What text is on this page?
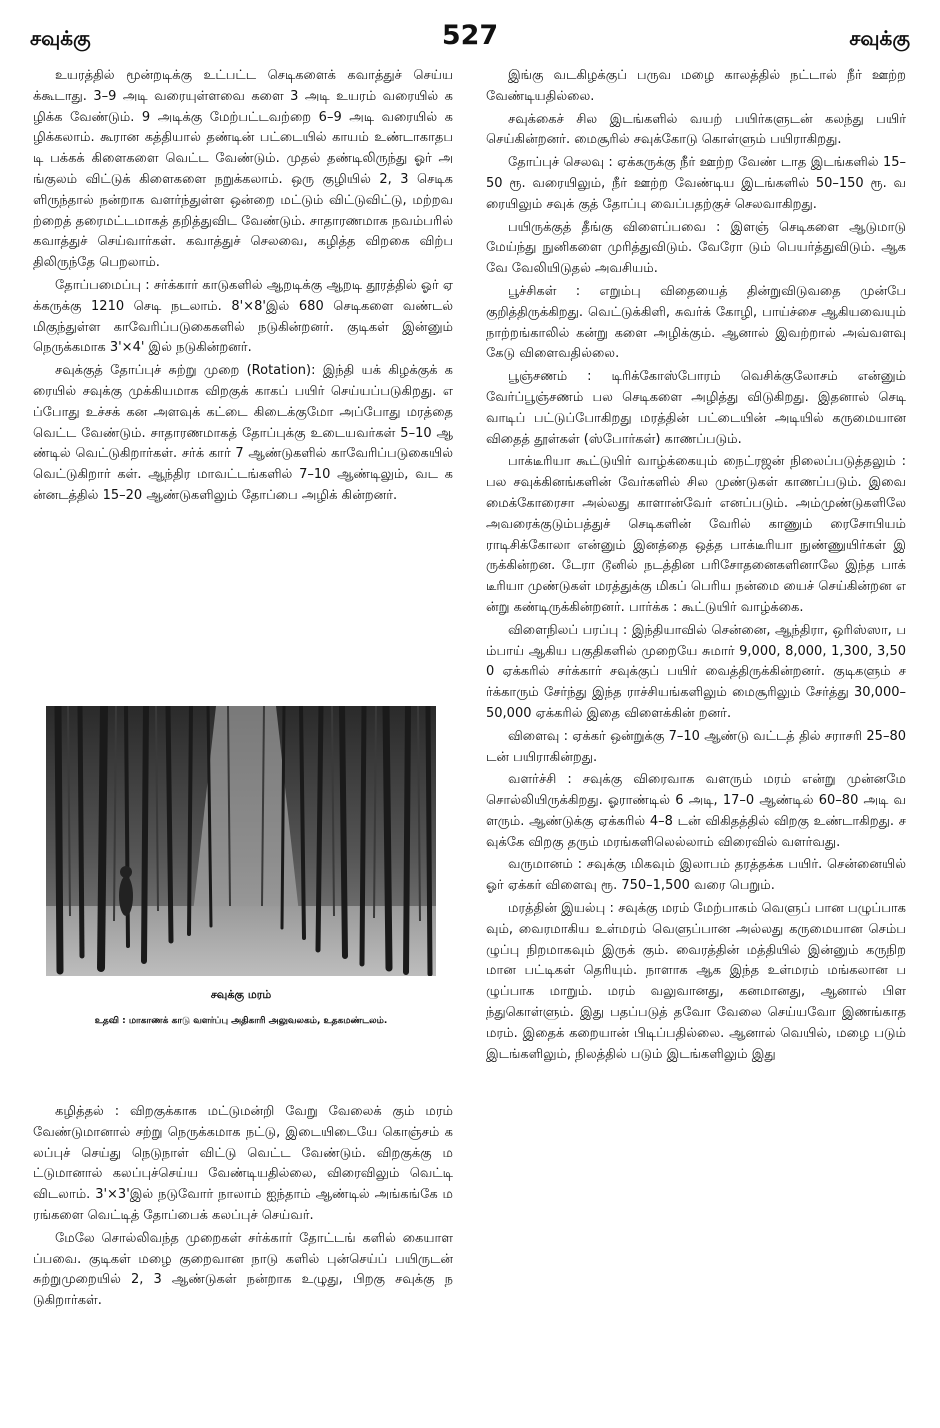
சவுக்கு	527	சவுக்கு

உயரத்தில் மூன்றடிக்கு உட்பட்ட செடிகளைக் கவாத்துச் செய்யக்கூடாது. 3–9 அடி வரையுள்ளவை களை 3 அடி உயரம் வரையில் கழிக்க வேண்டும். 9 அடிக்கு மேற்பட்டவற்றை 6–9 அடி வரையில் கழிக்கலாம். கூரான கத்தியால் தண்டின் பட்டையில் காயம் உண்டாகாதபடி பக்கக் கிளைகளை வெட்ட வேண்டும். முதல் தண்டிலிருந்து ஓர் அங்குலம் விட்டுக் கிளைகளை நறுக்கலாம். ஒரு குழியில் 2, 3 செடிகளிருந்தால் நன்றாக வளர்ந்துள்ள ஒன்றை மட்டும் விட்டுவிட்டு, மற்றவற்றைத் தரைமட்டமாகத் தறித்துவிட வேண்டும். சாதாரணமாக நவம்பரில் கவாத்துச் செய்வார்கள். கவாத்துச் செலவை, கழித்த விறகை விற்பதிலிருந்தே பெறலாம்.

தோப்பமைப்பு : சர்க்கார் காடுகளில் ஆறடிக்கு ஆறடி தூரத்தில் ஓர் ஏக்கருக்கு 1210 செடி நடலாம். 8'×8'இல் 680 செடிகளை வண்டல் மிகுந்துள்ள காவேரிப்படுகைகளில் நடுகின்றனர். குடிகள் இன்னும் நெருக்கமாக 3'×4' இல் நடுகின்றனர்.

சவுக்குத் தோப்புச் சுற்று முறை (Rotation): இந்தி யக் கிழக்குக் கரையில் சவுக்கு முக்கியமாக விறகுக் காகப் பயிர் செய்யப்படுகிறது. எப்போது உச்சக் கன அளவுக் கட்டை கிடைக்குமோ அப்போது மரத்தை வெட்ட வேண்டும். சாதாரணமாகத் தோப்புக்கு உடையவர்கள் 5–10 ஆண்டில் வெட்டுகிறார்கள். சர்க் கார் 7 ஆண்டுகளில் காவேரிப்படுகையில் வெட்டுகிறார் கள். ஆந்திர மாவட்டங்களில் 7–10 ஆண்டிலும், வட கன்னடத்தில் 15–20 ஆண்டுகளிலும் தோப்பை அழிக் கின்றனர்.

சவுக்கு மரம்
உதவி : மாகாணக் காடு வளர்ப்பு அதிகாரி அலுவலகம், உதகமண்டலம்.

கழித்தல் : விறகுக்காக மட்டுமன்றி வேறு வேலைக் கும் மரம் வேண்டுமானால் சற்று நெருக்கமாக நட்டு, இடையிடையே கொஞ்சம் கலப்புச் செய்து நெடுநாள் விட்டு வெட்ட வேண்டும். விறகுக்கு மட்டுமானால் கலப்புச்செய்ய வேண்டியதில்லை, விரைவிலும் வெட்டி விடலாம். 3'×3'இல் நடுவோர் நாலாம் ஐந்தாம் ஆண்டில் அங்கங்கே மரங்களை வெட்டித் தோப்பைக் கலப்புச் செய்வர்.

மேலே சொல்லிவந்த முறைகள் சர்க்கார் தோட்டங் களில் கையாளப்பவை. குடிகள் மழை குறைவான நாடு களில் புன்செய்ப் பயிருடன் சுற்றுமுறையில் 2, 3 ஆண்டுகள் நன்றாக உழுது, பிறகு சவுக்கு நடுகிறார்கள்.

இங்கு வடகிழக்குப் பருவ மழை காலத்தில் நட்டால் நீர் ஊற்ற வேண்டியதில்லை.

சவுக்கைச் சில இடங்களில் வயற் பயிர்களுடன் கலந்து பயிர் செய்கின்றனர். மைசூரில் சவுக்கோடு கொள்ளும் பயிராகிறது.

தோப்புச் செலவு : ஏக்கருக்கு நீர் ஊற்ற வேண் டாத இடங்களில் 15–50 ரூ. வரையிலும், நீர் ஊற்ற வேண்டிய இடங்களில் 50–150 ரூ. வரையிலும் சவுக் குத் தோப்பு வைப்பதற்குச் செலவாகிறது.

பயிருக்குத் தீங்கு விளைப்பவை : இளஞ் செடிகளை ஆடுமாடு மேய்ந்து நுனிகளை முரித்துவிடும். வேரோ டும் பெயர்த்துவிடும். ஆகவே வேலியிடுதல் அவசியம்.

பூச்சிகள் : எறும்பு விதையைத் தின்றுவிடுவதை முன்பே குறித்திருக்கிறது. வெட்டுக்கிளி, சுவர்க் கோழி, பாய்ச்சை ஆகியவையும் நாற்றங்காலில் கன்று களை அழிக்கும். ஆனால் இவற்றால் அவ்வளவு கேடு விளைவதில்லை.

பூஞ்சணம் : டிரிக்கோஸ்போரம் வெசிக்குலோசம் என்னும் வேர்ப்பூஞ்சணம் பல செடிகளை அழித்து விடுகிறது. இதனால் செடி வாடிப் பட்டுப்போகிறது மரத்தின் பட்டையின் அடியில் கருமையான விதைத் தூள்கள் (ஸ்போர்கள்) காணப்படும்.

பாக்டீரியா கூட்டுயிர் வாழ்க்கையும் நைட்ரஜன் நிலைப்படுத்தலும் : பல சவுக்கினங்களின் வேர்களில் சில முண்டுகள் காணப்படும். இவை மைக்கோரைசா அல்லது காளான்வேர் எனப்படும். அம்முண்டுகளிலே அவரைக்குடும்பத்துச் செடிகளின் வேரில் காணும் ரைசோபியம் ராடிசிக்கோலா என்னும் இனத்தை ஒத்த பாக்டீரியா நுண்ணுயிர்கள் இருக்கின்றன. டேரா டூனில் நடத்தின பரிசோதனைகளினாலே இந்த பாக் டீரியா முண்டுகள் மரத்துக்கு மிகப் பெரிய நன்மை யைச் செய்கின்றன என்று கண்டிருக்கின்றனர். பார்க்க : கூட்டுயிர் வாழ்க்கை.

விளைநிலப் பரப்பு : இந்தியாவில் சென்னை, ஆந்திரா, ஒரிஸ்ஸா, பம்பாய் ஆகிய பகுதிகளில் முறையே சுமார் 9,000, 8,000, 1,300, 3,500 ஏக்கரில் சர்க்கார் சவுக்குப் பயிர் வைத்திருக்கின்றனர். குடிகளும் சர்க்காரும் சேர்ந்து இந்த ராச்சியங்களிலும் மைசூரிலும் சேர்த்து 30,000–50,000 ஏக்கரில் இதை விளைக்கின் றனர்.

விளைவு : ஏக்கர் ஒன்றுக்கு 7–10 ஆண்டு வட்டத் தில் சராசரி 25–80 டன் பயிராகின்றது.

வளர்ச்சி : சவுக்கு விரைவாக வளரும் மரம் என்று முன்னமே சொல்லியிருக்கிறது. ஓராண்டில் 6 அடி, 17–0 ஆண்டில் 60–80 அடி வளரும். ஆண்டுக்கு ஏக்கரில் 4–8 டன் விகிதத்தில் விறகு உண்டாகிறது. சவுக்கே விறகு தரும் மரங்களிலெல்லாம் விரைவில் வளர்வது.

வருமானம் : சவுக்கு மிகவும் இலாபம் தரத்தக்க பயிர். சென்னையில் ஓர் ஏக்கர் விளைவு ரூ. 750–1,500 வரை பெறும்.

மரத்தின் இயல்பு : சவுக்கு மரம் மேற்பாகம் வெளுப் பான பழுப்பாகவும், வைரமாகிய உள்மரம் வெளுப்பான அல்லது கருமையான செம்பழுப்பு நிறமாகவும் இருக் கும். வைரத்தின் மத்தியில் இன்னும் கருநிறமான பட்டிகள் தெரியும். நாளாக ஆக இந்த உள்மரம் மங்கலான பழுப்பாக மாறும். மரம் வலுவானது, கனமானது, ஆனால் பிளந்துகொள்ளும். இது பதப்படுத் தவோ வேலை செய்யவோ இணங்காத மரம். இதைக் கறையான் பிடிப்பதில்லை. ஆனால் வெயில், மழை படும் இடங்களிலும், நிலத்தில் படும் இடங்களிலும் இது
